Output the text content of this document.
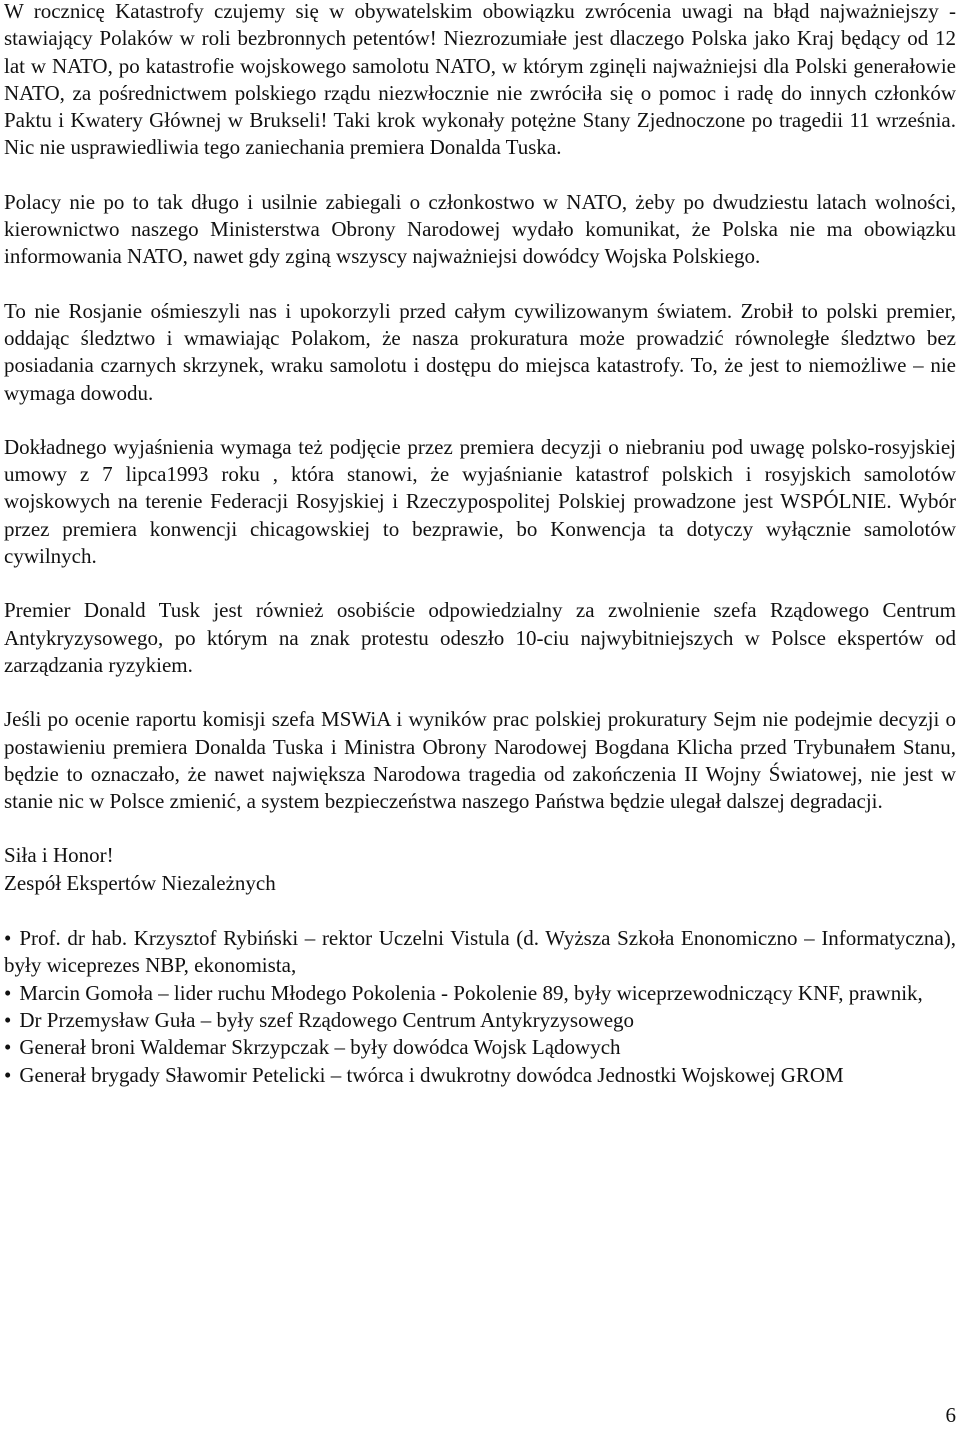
W rocznicę Katastrofy czujemy się w obywatelskim obowiązku zwrócenia uwagi na błąd najważniejszy - stawiający Polaków w roli bezbronnych petentów! Niezrozumiałe jest dlaczego Polska jako Kraj będący od 12 lat w NATO, po katastrofie wojskowego samolotu NATO, w którym zginęli najważniejsi dla Polski generałowie NATO, za pośrednictwem polskiego rządu niezwłocznie nie zwróciła się o pomoc i radę do innych członków Paktu i Kwatery Głównej w Brukseli! Taki krok wykonały potężne Stany Zjednoczone po tragedii 11 września. Nic nie usprawiedliwia tego zaniechania premiera Donalda Tuska.

Polacy nie po to tak długo i usilnie zabiegali o członkostwo w NATO, żeby po dwudziestu latach wolności, kierownictwo naszego Ministerstwa Obrony Narodowej wydało komunikat, że Polska nie ma obowiązku informowania NATO, nawet gdy zginą wszyscy najważniejsi dowódcy Wojska Polskiego.

To nie Rosjanie ośmieszyli nas i upokorzyli przed całym cywilizowanym światem. Zrobił to polski premier, oddając śledztwo i wmawiając Polakom, że nasza prokuratura może prowadzić równoległe śledztwo bez posiadania czarnych skrzynek, wraku samolotu i dostępu do miejsca katastrofy. To, że jest to niemożliwe – nie wymaga dowodu.

Dokładnego wyjaśnienia wymaga też podjęcie przez premiera decyzji o niebraniu pod uwagę polsko-rosyjskiej umowy z 7 lipca1993 roku , która stanowi, że wyjaśnianie katastrof polskich i rosyjskich samolotów wojskowych na terenie Federacji Rosyjskiej i Rzeczypospolitej Polskiej prowadzone jest WSPÓLNIE. Wybór przez premiera konwencji chicagowskiej to bezprawie, bo Konwencja ta dotyczy wyłącznie samolotów cywilnych.

Premier Donald Tusk jest również osobiście odpowiedzialny za zwolnienie szefa Rządowego Centrum Antykryzysowego, po którym na znak protestu odeszło 10-ciu najwybitniejszych w Polsce ekspertów od zarządzania ryzykiem.

Jeśli po ocenie raportu komisji szefa MSWiA i wyników prac polskiej prokuratury Sejm nie podejmie decyzji o postawieniu premiera Donalda Tuska i Ministra Obrony Narodowej Bogdana Klicha przed Trybunałem Stanu, będzie to oznaczało, że nawet największa Narodowa tragedia od zakończenia II Wojny Światowej, nie jest w stanie nic w Polsce zmienić, a system bezpieczeństwa naszego Państwa będzie ulegał dalszej degradacji.

Siła i Honor!
Zespół Ekspertów Niezależnych
• Prof. dr hab. Krzysztof Rybiński – rektor Uczelni Vistula (d. Wyższa Szkoła Enonomiczno – Informatyczna), były wiceprezes NBP, ekonomista,
• Marcin Gomoła – lider ruchu Młodego Pokolenia - Pokolenie 89, były wiceprzewodniczący KNF, prawnik,
• Dr Przemysław Guła – były szef Rządowego Centrum Antykryzysowego
• Generał broni Waldemar Skrzypczak – były dowódca Wojsk Lądowych
• Generał brygady Sławomir Petelicki – twórca i dwukrotny dowódca Jednostki Wojskowej GROM
6
